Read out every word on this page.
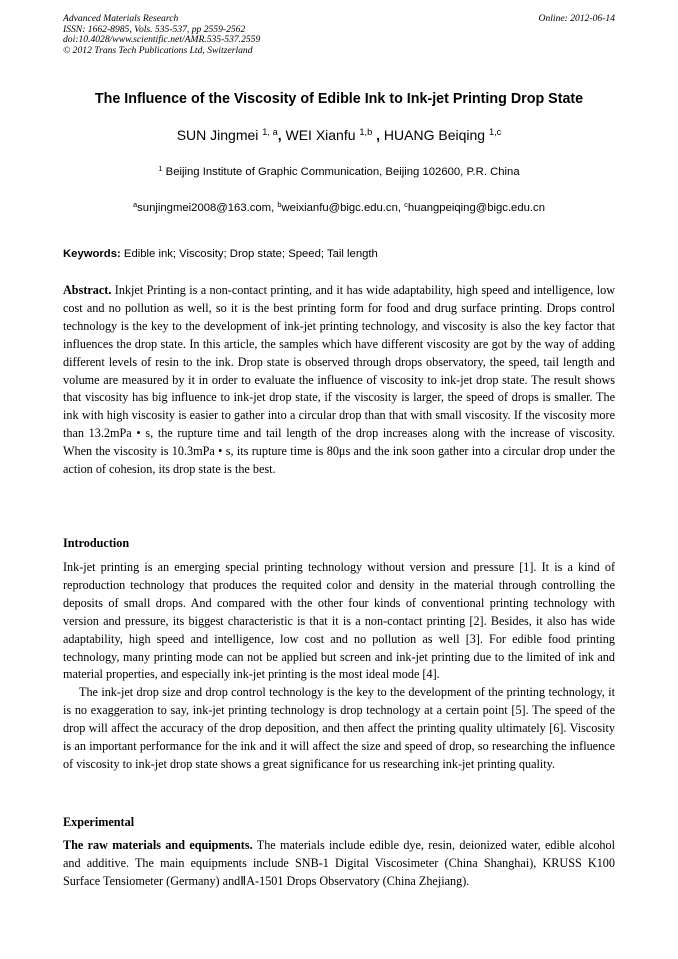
Advanced Materials Research
ISSN: 1662-8985, Vols. 535-537, pp 2559-2562
doi:10.4028/www.scientific.net/AMR.535-537.2559
© 2012 Trans Tech Publications Ltd, Switzerland
Online: 2012-06-14
The Influence of the Viscosity of Edible Ink to Ink-jet Printing Drop State
SUN Jingmei $^{1, a}$, WEI Xianfu $^{1,b}$ , HUANG Beiqing $^{1,c}$
$^1$ Beijing Institute of Graphic Communication, Beijing 102600, P.R. China
$^a$sunjingmei2008@163.com, $^b$weixianfu@bigc.edu.cn, $^c$huangpeiqing@bigc.edu.cn
Keywords: Edible ink; Viscosity; Drop state; Speed; Tail length
Abstract. Inkjet Printing is a non-contact printing, and it has wide adaptability, high speed and intelligence, low cost and no pollution as well, so it is the best printing form for food and drug surface printing. Drops control technology is the key to the development of ink-jet printing technology, and viscosity is also the key factor that influences the drop state. In this article, the samples which have different viscosity are got by the way of adding different levels of resin to the ink. Drop state is observed through drops observatory, the speed, tail length and volume are measured by it in order to evaluate the influence of viscosity to ink-jet drop state. The result shows that viscosity has big influence to ink-jet drop state, if the viscosity is larger, the speed of drops is smaller. The ink with high viscosity is easier to gather into a circular drop than that with small viscosity. If the viscosity more than 13.2mPa • s, the rupture time and tail length of the drop increases along with the increase of viscosity. When the viscosity is 10.3mPa • s, its rupture time is 80μs and the ink soon gather into a circular drop under the action of cohesion, its drop state is the best.
Introduction

Ink-jet printing is an emerging special printing technology without version and pressure [1]. It is a kind of reproduction technology that produces the requited color and density in the material through controlling the deposits of small drops. And compared with the other four kinds of conventional printing technology with version and pressure, its biggest characteristic is that it is a non-contact printing [2]. Besides, it also has wide adaptability, high speed and intelligence, low cost and no pollution as well [3]. For edible food printing technology, many printing mode can not be applied but screen and ink-jet printing due to the limited of ink and material properties, and especially ink-jet printing is the most ideal mode [4].

The ink-jet drop size and drop control technology is the key to the development of the printing technology, it is no exaggeration to say, ink-jet printing technology is drop technology at a certain point [5]. The speed of the drop will affect the accuracy of the drop deposition, and then affect the printing quality ultimately [6]. Viscosity is an important performance for the ink and it will affect the size and speed of drop, so researching the influence of viscosity to ink-jet drop state shows a great significance for us researching ink-jet printing quality.

Experimental
The raw materials and equipments. The materials include edible dye, resin, deionized water, edible alcohol and additive. The main equipments include SNB-1 Digital Viscosimeter (China Shanghai), KRUSS K100 Surface Tensiometer (Germany) andⅡA-1501 Drops Observatory (China Zhejiang).
